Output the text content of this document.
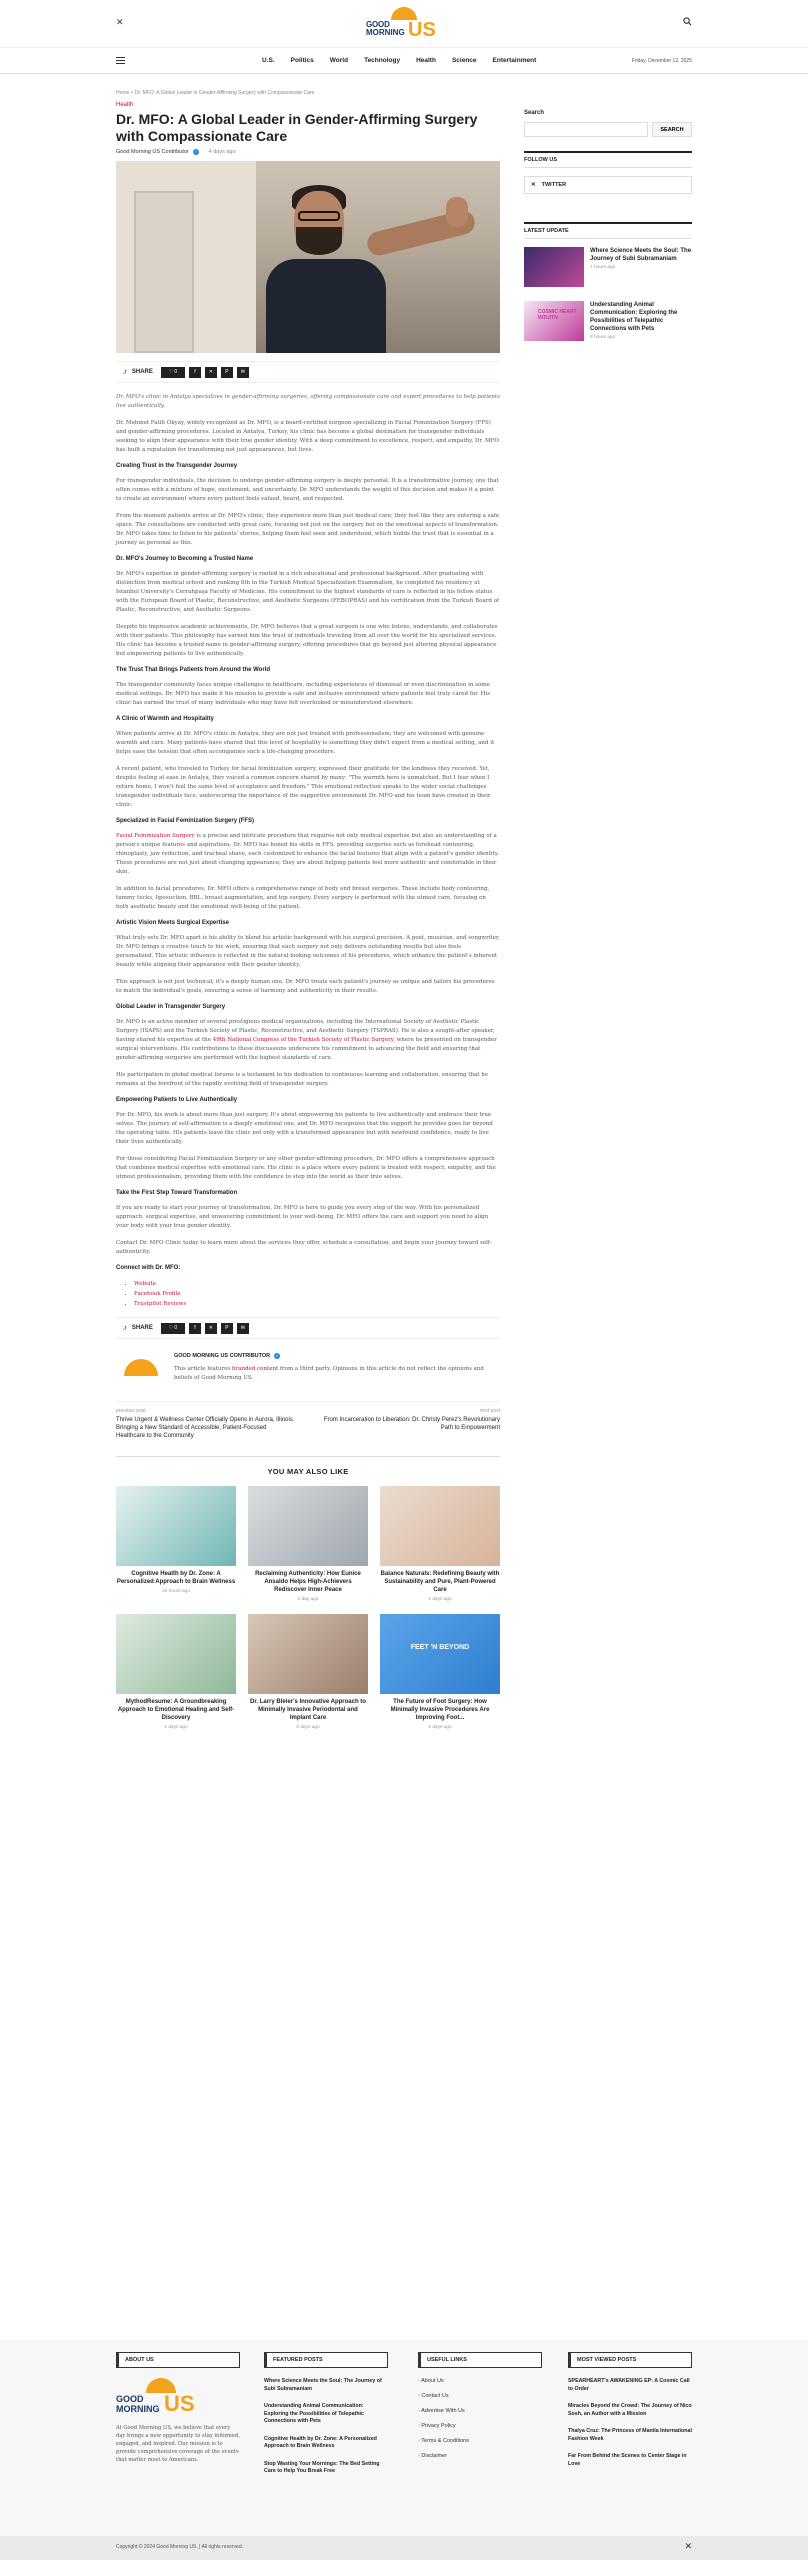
✕	GOOD
MORNING US
U.S. Politics World Technology Health Science Entertainment	Friday, December 12, 2025
Home » Dr. MFO: A Global Leader in Gender-Affirming Surgery with Compassionate Care
Health
Dr. MFO: A Global Leader in Gender-Affirming Surgery with Compassionate Care
Good Morning US Contributor	✓ · 4 days ago
⤴ SHARE	♡ 0	f	✕	P	✉

Dr. MFO's clinic in Antalya specializes in gender-affirming surgeries, offering compassionate care and expert procedures to help patients live authentically.

Dr. Mehmet Fatih Okyay, widely recognized as Dr. MFO, is a board-certified surgeon specializing in Facial Feminization Surgery (FFS) and gender-affirming procedures. Located in Antalya, Turkey, his clinic has become a global destination for transgender individuals seeking to align their appearance with their true gender identity. With a deep commitment to excellence, respect, and empathy, Dr. MFO has built a reputation for transforming not just appearances, but lives.

Creating Trust in the Transgender Journey

For transgender individuals, the decision to undergo gender-affirming surgery is deeply personal. It is a transformative journey, one that often comes with a mixture of hope, excitement, and uncertainty. Dr. MFO understands the weight of this decision and makes it a point to create an environment where every patient feels valued, heard, and respected.

From the moment patients arrive at Dr. MFO's clinic, they experience more than just medical care; they feel like they are entering a safe space. The consultations are conducted with great care, focusing not just on the surgery but on the emotional aspects of transformation. Dr. MFO takes time to listen to his patients' stories, helping them feel seen and understood, which builds the trust that is essential in a journey as personal as this.

Dr. MFO's Journey to Becoming a Trusted Name

Dr. MFO's expertise in gender-affirming surgery is rooted in a rich educational and professional background. After graduating with distinction from medical school and ranking 8th in the Turkish Medical Specialization Examination, he completed his residency at Istanbul University's Cerrahpaşa Faculty of Medicine. His commitment to the highest standards of care is reflected in his fellow status with the European Board of Plastic, Reconstructive, and Aesthetic Surgeons (FEBOPRAS) and his certification from the Turkish Board of Plastic, Reconstructive, and Aesthetic Surgeons.

Despite his impressive academic achievements, Dr. MFO believes that a great surgeon is one who listens, understands, and collaborates with their patients. This philosophy has earned him the trust of individuals traveling from all over the world for his specialized services. His clinic has become a trusted name in gender-affirming surgery, offering procedures that go beyond just altering physical appearance but empowering patients to live authentically.

The Trust That Brings Patients from Around the World

The transgender community faces unique challenges in healthcare, including experiences of dismissal or even discrimination in some medical settings. Dr. MFO has made it his mission to provide a safe and inclusive environment where patients feel truly cared for. His clinic has earned the trust of many individuals who may have felt overlooked or misunderstood elsewhere.

A Clinic of Warmth and Hospitality

When patients arrive at Dr. MFO's clinic in Antalya, they are not just treated with professionalism; they are welcomed with genuine warmth and care. Many patients have shared that this level of hospitality is something they didn't expect from a medical setting, and it helps ease the tension that often accompanies such a life-changing procedure.

A recent patient, who traveled to Turkey for facial feminization surgery, expressed their gratitude for the kindness they received. Yet, despite feeling at ease in Antalya, they voiced a common concern shared by many: "The warmth here is unmatched. But I fear when I return home, I won't feel the same level of acceptance and freedom." This emotional reflection speaks to the wider social challenges transgender individuals face, underscoring the importance of the supportive environment Dr. MFO and his team have created in their clinic.

Specialized in Facial Feminization Surgery (FFS)

Facial Feminization Surgery is a precise and intricate procedure that requires not only medical expertise but also an understanding of a person's unique features and aspirations. Dr. MFO has honed his skills in FFS, providing surgeries such as forehead contouring, rhinoplasty, jaw reduction, and tracheal shave, each customized to enhance the facial features that align with a patient's gender identity. These procedures are not just about changing appearance; they are about helping patients feel more authentic and comfortable in their skin.

In addition to facial procedures, Dr. MFO offers a comprehensive range of body and breast surgeries. These include body contouring, tummy tucks, liposuction, BBL, breast augmentation, and top surgery. Every surgery is performed with the utmost care, focusing on both aesthetic beauty and the emotional well-being of the patient.

Artistic Vision Meets Surgical Expertise

What truly sets Dr. MFO apart is his ability to blend his artistic background with his surgical precision. A poet, musician, and songwriter, Dr. MFO brings a creative touch to his work, ensuring that each surgery not only delivers outstanding results but also feels personalized. This artistic influence is reflected in the natural-looking outcomes of his procedures, which enhance the patient's inherent beauty while aligning their appearance with their gender identity.

This approach is not just technical; it's a deeply human one. Dr. MFO treats each patient's journey as unique and tailors his procedures to match the individual's goals, ensuring a sense of harmony and authenticity in their results.

Global Leader in Transgender Surgery

Dr. MFO is an active member of several prestigious medical organizations, including the International Society of Aesthetic Plastic Surgery (ISAPS) and the Turkish Society of Plastic, Reconstructive, and Aesthetic Surgery (TSPRAS). He is also a sought-after speaker, having shared his expertise at the 49th National Congress of the Turkish Society of Plastic Surgery, where he presented on transgender surgical interventions. His contributions to these discussions underscore his commitment to advancing the field and ensuring that gender-affirming surgeries are performed with the highest standards of care.

His participation in global medical forums is a testament to his dedication to continuous learning and collaboration, ensuring that he remains at the forefront of the rapidly evolving field of transgender surgery.

Empowering Patients to Live Authentically

For Dr. MFO, his work is about more than just surgery. It's about empowering his patients to live authentically and embrace their true selves. The journey of self-affirmation is a deeply emotional one, and Dr. MFO recognizes that the support he provides goes far beyond the operating table. His patients leave the clinic not only with a transformed appearance but with newfound confidence, ready to live their lives authentically.

For those considering Facial Feminization Surgery or any other gender-affirming procedure, Dr. MFO offers a comprehensive approach that combines medical expertise with emotional care. His clinic is a place where every patient is treated with respect, empathy, and the utmost professionalism, providing them with the confidence to step into the world as their true selves.

Take the First Step Toward Transformation

If you are ready to start your journey of transformation, Dr. MFO is here to guide you every step of the way. With his personalized approach, surgical expertise, and unwavering commitment to your well-being, Dr. MFO offers the care and support you need to align your body with your true gender identity.

Contact Dr. MFO Clinic today to learn more about the services they offer, schedule a consultation, and begin your journey toward self-authenticity.

Connect with Dr. MFO:
• Website
• Facebook Profile
• Trustpilot Reviews
⤴ SHARE	♡ 0	f	✕	P	✉
GOOD MORNING US CONTRIBUTOR	✓
This article features branded content from a third party. Opinions in this article do not reflect the opinions and beliefs of Good Morning US.
previous post
Thrive Urgent & Wellness Center Officially Opens in Aurora, Illinois Bringing a New Standard of Accessible, Patient-Focused Healthcare to the Community
next post
From Incarceration to Liberation: Dr. Christy Perez's Revolutionary Path to Empowerment
YOU MAY ALSO LIKE
Cognitive Health by Dr. Zone: A Personalized Approach to Brain Wellness
10 hours ago
Reclaiming Authenticity: How Eunice Ansaldo Helps High-Achievers Rediscover Inner Peace
1 day ago
Balance Naturals: Redefining Beauty with Sustainability and Pure, Plant-Powered Care
2 days ago
MythodResume: A Groundbreaking Approach to Emotional Healing and Self-Discovery
2 days ago
Dr. Larry Bleier's Innovative Approach to Minimally Invasive Periodontal and Implant Care
2 days ago
FEET 'N BEYOND
The Future of Foot Surgery: How Minimally Invasive Procedures Are Improving Foot...
3 days ago
Search
SEARCH
FOLLOW US
✕ TWITTER
LATEST UPDATE
Where Science Meets the Soul: The Journey of Subi Subramaniam
7 hours ago
COSMIC HEART INTUITN
Understanding Animal Communication: Exploring the Possibilities of Telepathic Connections with Pets
8 hours ago
ABOUT US
GOOD
MORNING US
At Good Morning US, we believe that every day brings a new opportunity to stay informed, engaged, and inspired. Our mission is to provide comprehensive coverage of the events that matter most to Americans.
FEATURED POSTS
Where Science Meets the Soul: The Journey of Subi Subramaniam
Understanding Animal Communication: Exploring the Possibilities of Telepathic Connections with Pets
Cognitive Health by Dr. Zone: A Personalized Approach to Brain Wellness
Stop Wasting Your Mornings: The Bed Setting Care to Help You Break Free
USEFUL LINKS
› About Us
› Contact Us
› Advertise With Us
› Privacy Policy
› Terms & Conditions
› Disclaimer
MOST VIEWED POSTS
SPEARHEART's AWAKENING EP: A Cosmic Call to Order
Miracles Beyond the Crowd: The Journey of Nico Sosh, an Author with a Mission
Thalya Cruz: The Princess of Manila International Fashion Week
Far From Behind the Scenes to Center Stage in Love
Copyright © 2024 Good Morning US. | All rights reserved.	✕
